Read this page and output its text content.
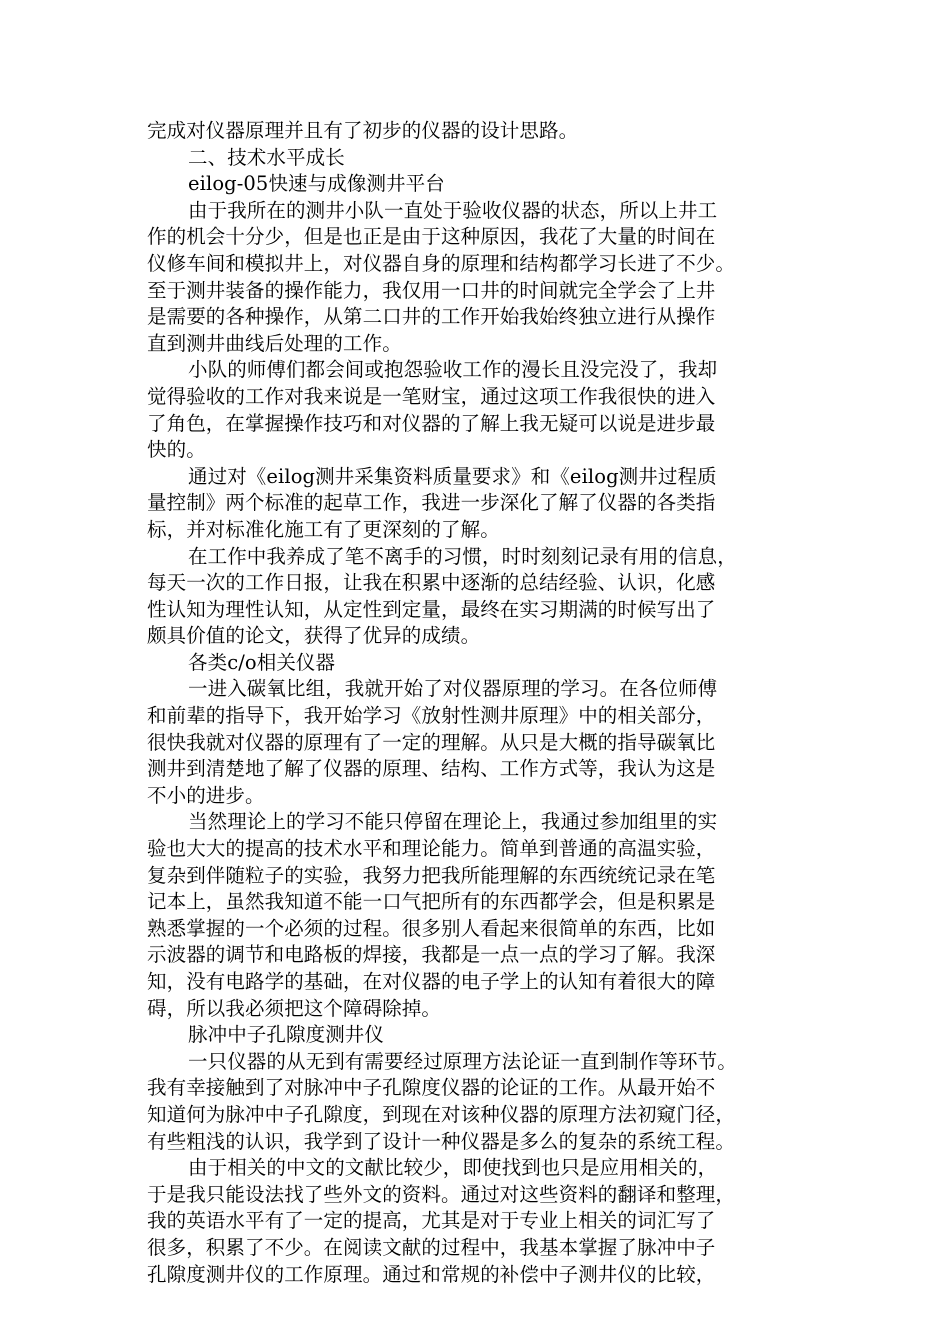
完成对仪器原理并且有了初步的仪器的设计思路。
二、技术水平成长
eilog-05快速与成像测井平台
由于我所在的测井小队一直处于验收仪器的状态，所以上井工
作的机会十分少，但是也正是由于这种原因，我花了大量的时间在
仪修车间和模拟井上，对仪器自身的原理和结构都学习长进了不少。
至于测井装备的操作能力，我仅用一口井的时间就完全学会了上井
是需要的各种操作，从第二口井的工作开始我始终独立进行从操作
直到测井曲线后处理的工作。
小队的师傅们都会间或抱怨验收工作的漫长且没完没了，我却
觉得验收的工作对我来说是一笔财宝，通过这项工作我很快的进入
了角色，在掌握操作技巧和对仪器的了解上我无疑可以说是进步最
快的。
通过对《eilog测井采集资料质量要求》和《eilog测井过程质
量控制》两个标准的起草工作，我进一步深化了解了仪器的各类指
标，并对标准化施工有了更深刻的了解。
在工作中我养成了笔不离手的习惯，时时刻刻记录有用的信息，
每天一次的工作日报，让我在积累中逐渐的总结经验、认识，化感
性认知为理性认知，从定性到定量，最终在实习期满的时候写出了
颇具价值的论文，获得了优异的成绩。
各类c/o相关仪器
一进入碳氧比组，我就开始了对仪器原理的学习。在各位师傅
和前辈的指导下，我开始学习《放射性测井原理》中的相关部分，
很快我就对仪器的原理有了一定的理解。从只是大概的指导碳氧比
测井到清楚地了解了仪器的原理、结构、工作方式等，我认为这是
不小的进步。
当然理论上的学习不能只停留在理论上，我通过参加组里的实
验也大大的提高的技术水平和理论能力。简单到普通的高温实验，
复杂到伴随粒子的实验，我努力把我所能理解的东西统统记录在笔
记本上，虽然我知道不能一口气把所有的东西都学会，但是积累是
熟悉掌握的一个必须的过程。很多别人看起来很简单的东西，比如
示波器的调节和电路板的焊接，我都是一点一点的学习了解。我深
知，没有电路学的基础，在对仪器的电子学上的认知有着很大的障
碍，所以我必须把这个障碍除掉。
脉冲中子孔隙度测井仪
一只仪器的从无到有需要经过原理方法论证一直到制作等环节。
我有幸接触到了对脉冲中子孔隙度仪器的论证的工作。从最开始不
知道何为脉冲中子孔隙度，到现在对该种仪器的原理方法初窥门径，
有些粗浅的认识，我学到了设计一种仪器是多么的复杂的系统工程。
由于相关的中文的文献比较少，即使找到也只是应用相关的，
于是我只能设法找了些外文的资料。通过对这些资料的翻译和整理，
我的英语水平有了一定的提高，尤其是对于专业上相关的词汇写了
很多，积累了不少。在阅读文献的过程中，我基本掌握了脉冲中子
孔隙度测井仪的工作原理。通过和常规的补偿中子测井仪的比较，
